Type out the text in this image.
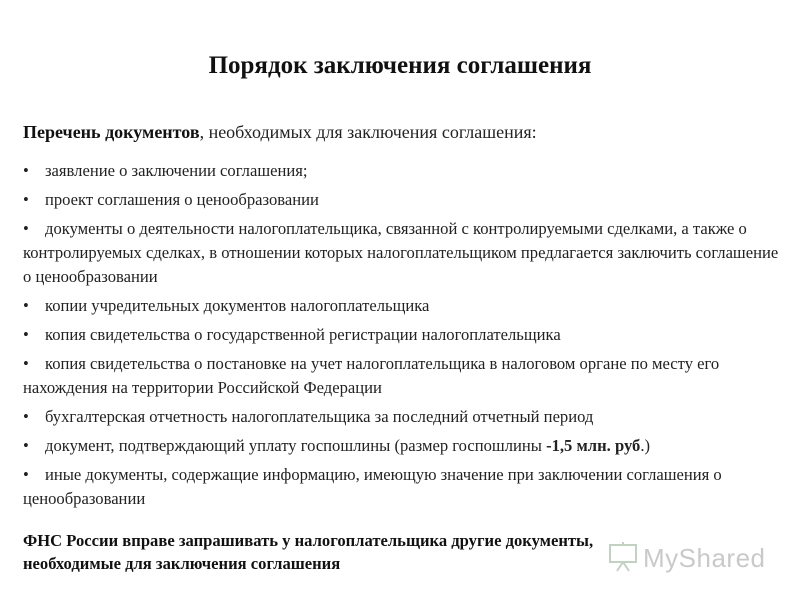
Порядок заключения соглашения

Перечень документов, необходимых для заключения соглашения:

• заявление о заключении соглашения;
• проект соглашения о ценообразовании
• документы о деятельности налогоплательщика, связанной с контролируемыми сделками, а также о контролируемых сделках, в отношении которых налогоплательщиком предлагается заключить соглашение о ценообразовании
• копии учредительных документов налогоплательщика
• копия свидетельства о государственной регистрации налогоплательщика
• копия свидетельства о постановке на учет налогоплательщика в налоговом органе по месту его нахождения на территории Российской Федерации
• бухгалтерская отчетность налогоплательщика за последний отчетный период
• документ, подтверждающий уплату госпошлины (размер госпошлины -1,5 млн. руб.)
• иные документы, содержащие информацию, имеющую значение при заключении соглашения о ценообразовании

ФНС России вправе запрашивать у налогоплательщика другие документы,
необходимые для заключения соглашения	MyShared
